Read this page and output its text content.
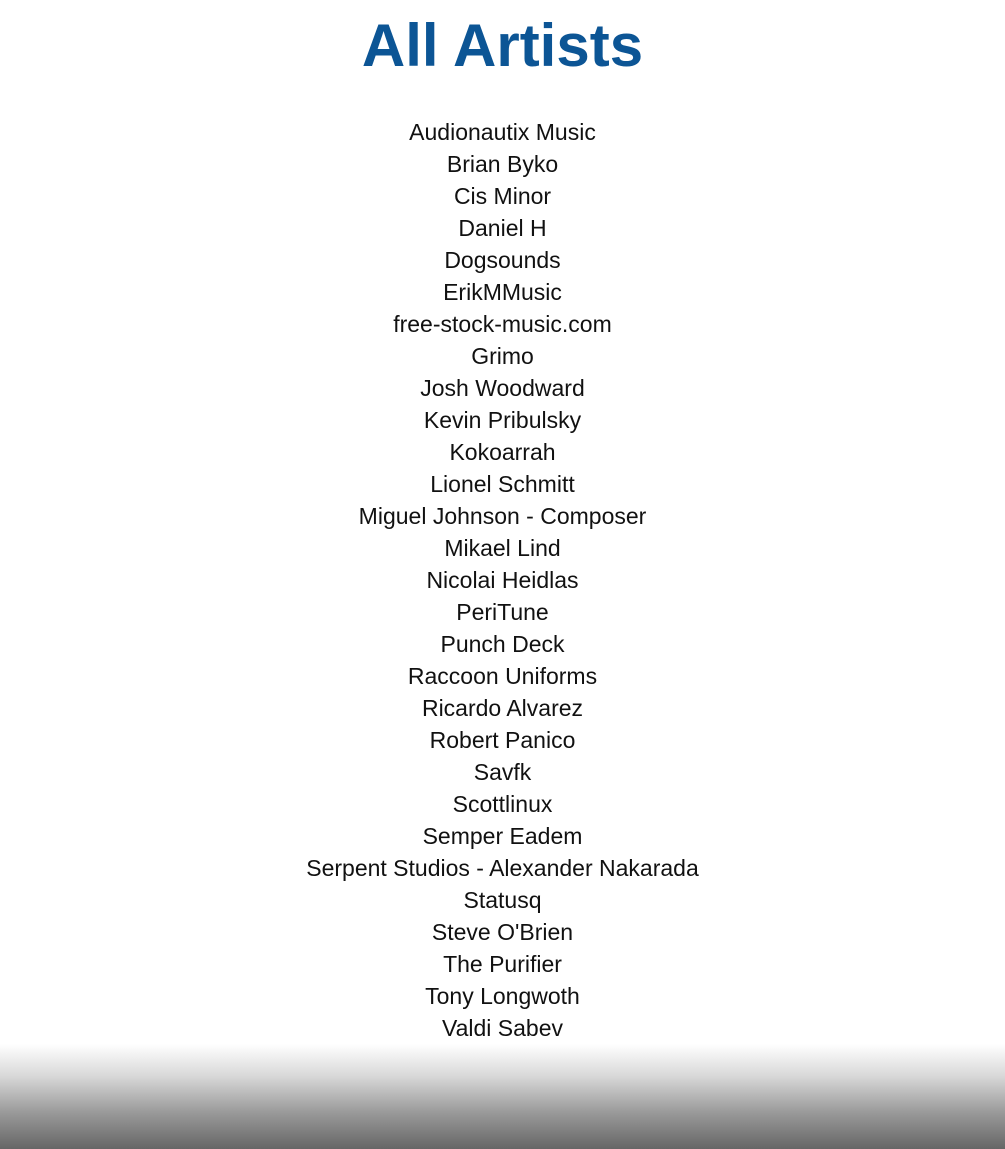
All Artists
Audionautix Music
Brian Byko
Cis Minor
Daniel H
Dogsounds
ErikMMusic
free-stock-music.com
Grimo
Josh Woodward
Kevin Pribulsky
Kokoarrah
Lionel Schmitt
Miguel Johnson - Composer
Mikael Lind
Nicolai Heidlas
PeriTune
Punch Deck
Raccoon Uniforms
Ricardo Alvarez
Robert Panico
Savfk
Scottlinux
Semper Eadem
Serpent Studios - Alexander Nakarada
Statusq
Steve O'Brien
The Purifier
Tony Longwoth
Valdi Sabev
